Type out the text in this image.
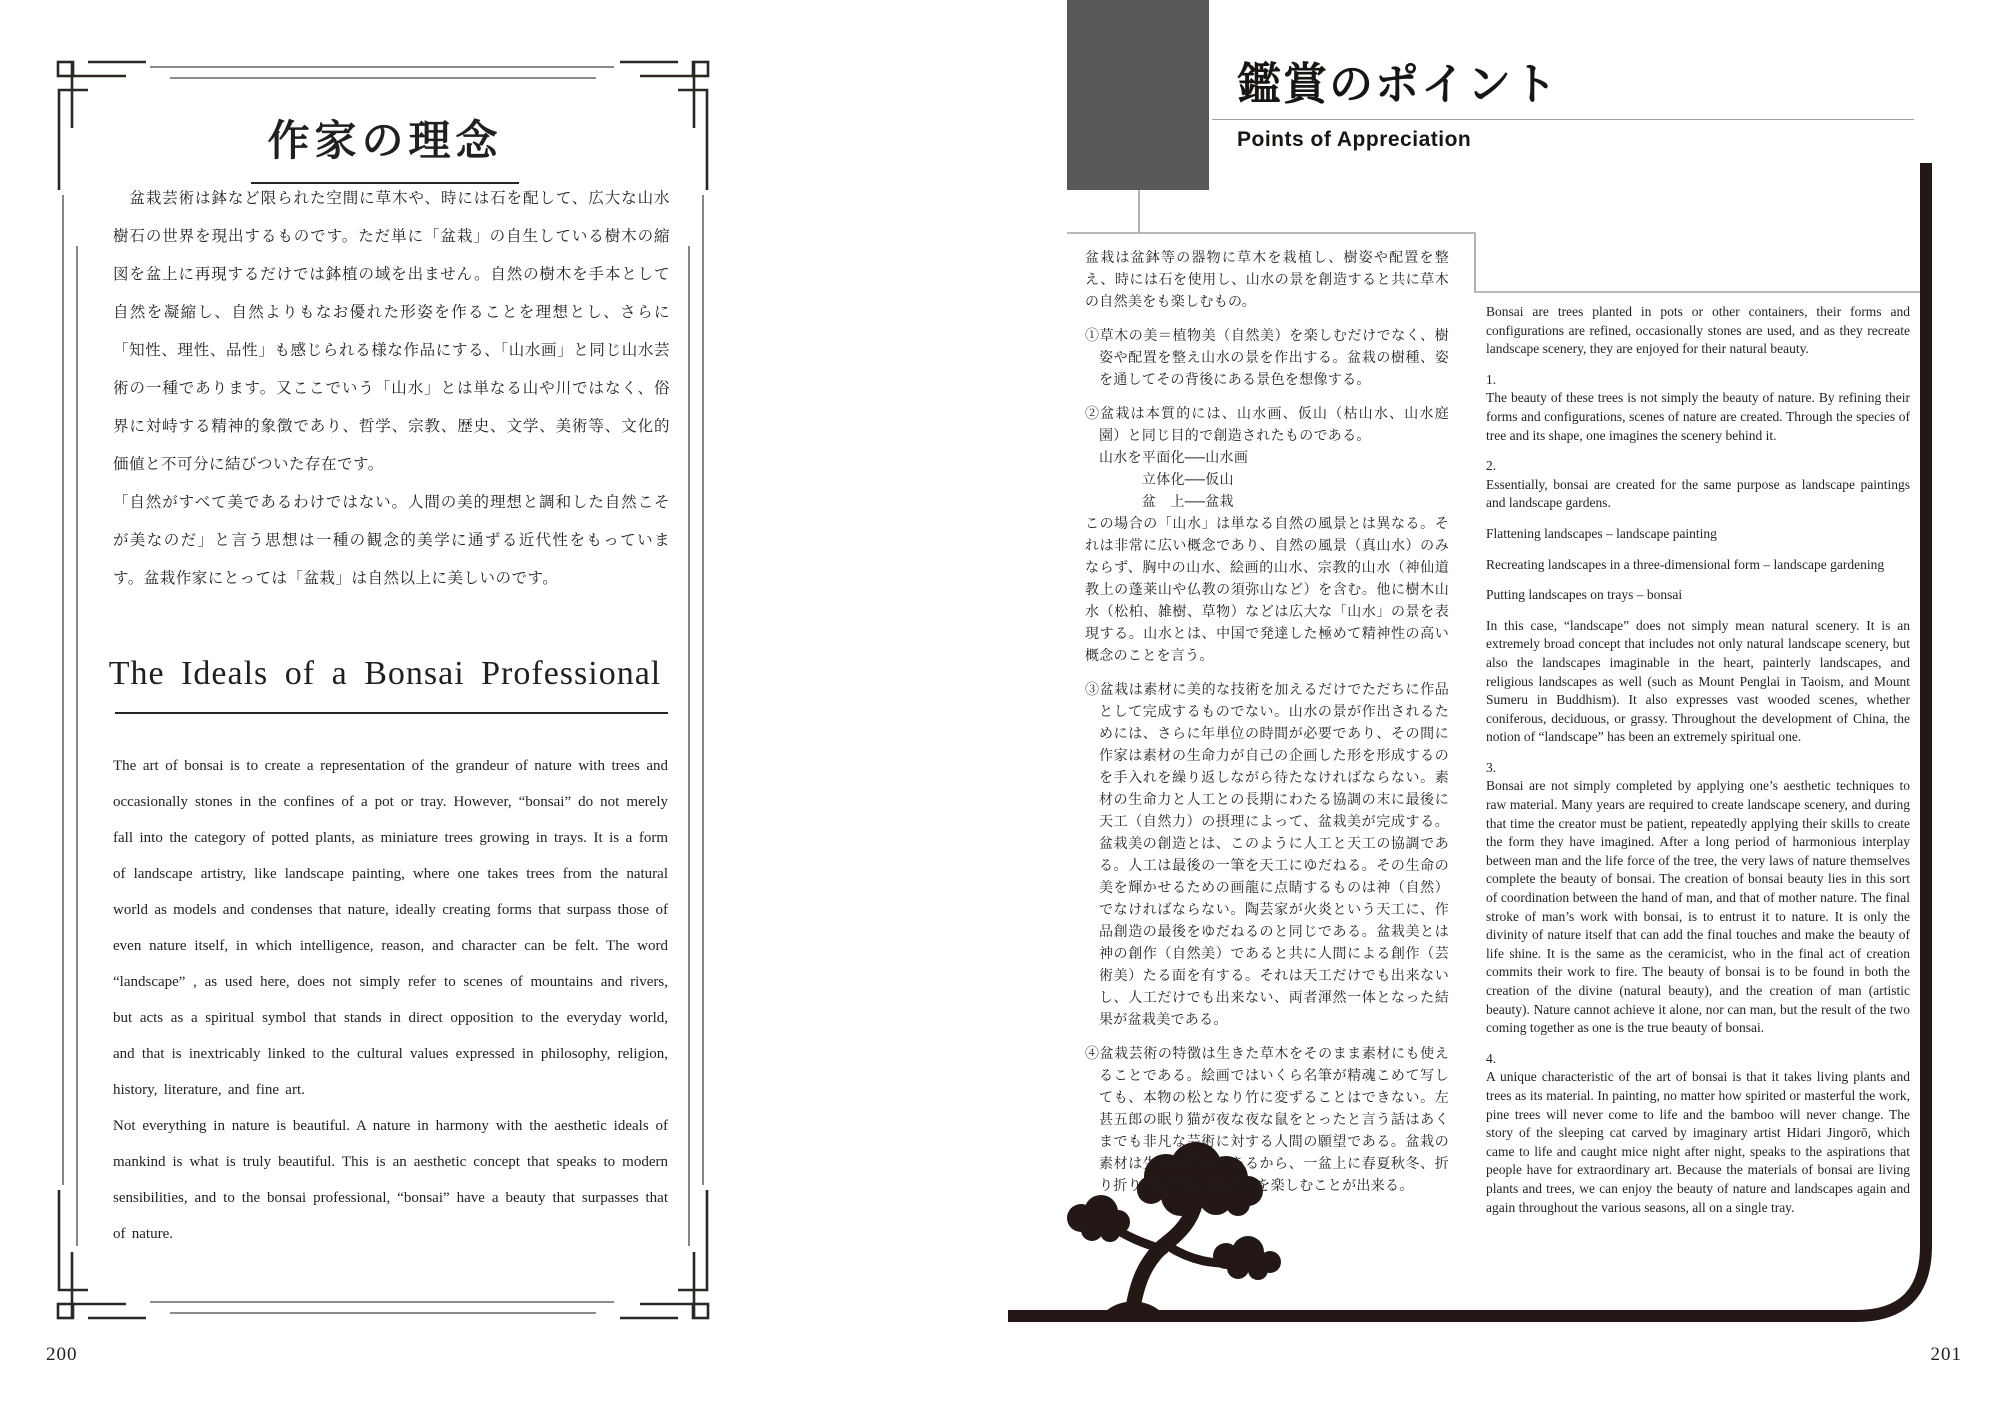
作家の理念

　盆栽芸術は鉢など限られた空間に草木や、時には石を配して、広大な山水樹石の世界を現出するものです。ただ単に「盆栽」の自生している樹木の縮図を盆上に再現するだけでは鉢植の域を出ません。自然の樹木を手本として自然を凝縮し、自然よりもなお優れた形姿を作ることを理想とし、さらに「知性、理性、品性」も感じられる様な作品にする、「山水画」と同じ山水芸術の一種であります。又ここでいう「山水」とは単なる山や川ではなく、俗界に対峙する精神的象徴であり、哲学、宗教、歴史、文学、美術等、文化的価値と不可分に結びついた存在です。

「自然がすべて美であるわけではない。人間の美的理想と調和した自然こそが美なのだ」と言う思想は一種の観念的美学に通ずる近代性をもっています。盆栽作家にとっては「盆栽」は自然以上に美しいのです。

The Ideals of a Bonsai Professional

The art of bonsai is to create a representation of the grandeur of nature with trees and occasionally stones in the confines of a pot or tray. However, “bonsai” do not merely fall into the category of potted plants, as miniature trees growing in trays. It is a form of landscape artistry, like landscape painting, where one takes trees from the natural world as models and condenses that nature, ideally creating forms that surpass those of even nature itself, in which intelligence, reason, and character can be felt. The word “landscape” , as used here, does not simply refer to scenes of mountains and rivers, but acts as a spiritual symbol that stands in direct opposition to the everyday world, and that is inextricably linked to the cultural values expressed in philosophy, religion, history, literature, and fine art.

Not everything in nature is beautiful. A nature in harmony with the aesthetic ideals of mankind is what is truly beautiful. This is an aesthetic concept that speaks to modern sensibilities, and to the bonsai professional, “bonsai” have a beauty that surpasses that of nature.

200
鑑賞のポイント
Points of Appreciation

盆栽は盆鉢等の器物に草木を栽植し、樹姿や配置を整え、時には石を使用し、山水の景を創造すると共に草木の自然美をも楽しむもの。

①草木の美＝植物美（自然美）を楽しむだけでなく、樹姿や配置を整え山水の景を作出する。盆栽の樹種、姿を通してその背後にある景色を想像する。

②盆栽は本質的には、山水画、仮山（枯山水、山水庭園）と同じ目的で創造されたものである。

山水を平面化──山水画

　　　立体化──仮山

　　　盆　上──盆栽

この場合の「山水」は単なる自然の風景とは異なる。それは非常に広い概念であり、自然の風景（真山水）のみならず、胸中の山水、絵画的山水、宗教的山水（神仙道教上の蓬莱山や仏教の須弥山など）を含む。他に樹木山水（松柏、雑樹、草物）などは広大な「山水」の景を表現する。山水とは、中国で発達した極めて精神性の高い概念のことを言う。

③盆栽は素材に美的な技術を加えるだけでただちに作品として完成するものでない。山水の景が作出されるためには、さらに年単位の時間が必要であり、その間に作家は素材の生命力が自己の企画した形を形成するのを手入れを繰り返しながら待たなければならない。素材の生命力と人工との長期にわたる協調の末に最後に天工（自然力）の摂理によって、盆栽美が完成する。盆栽美の創造とは、このように人工と天工の協調である。人工は最後の一筆を天工にゆだねる。その生命の美を輝かせるための画龍に点睛するものは神（自然）でなければならない。陶芸家が火炎という天工に、作品創造の最後をゆだねるのと同じである。盆栽美とは神の創作（自然美）であると共に人間による創作（芸術美）たる面を有する。それは天工だけでも出来ないし、人工だけでも出来ない、両者渾然一体となった結果が盆栽美である。

④盆栽芸術の特徴は生きた草木をそのまま素材にも使えることである。絵画ではいくら名筆が精魂こめて写しても、本物の松となり竹に変ずることはできない。左甚五郎の眠り猫が夜な夜な鼠をとったと言う話はあくまでも非凡な芸術に対する人間の願望である。盆栽の素材は生きた草木であるから、一盆上に春夏秋冬、折り折りの自然美と山水美を楽しむことが出来る。

Bonsai are trees planted in pots or other containers, their forms and configurations are refined, occasionally stones are used, and as they recreate landscape scenery, they are enjoyed for their natural beauty.
1.
The beauty of these trees is not simply the beauty of nature. By refining their forms and configurations, scenes of nature are created. Through the species of tree and its shape, one imagines the scenery behind it.
2.
Essentially, bonsai are created for the same purpose as landscape paintings and landscape gardens.
Flattening landscapes – landscape painting
Recreating landscapes in a three-dimensional form – landscape gardening
Putting landscapes on trays – bonsai
In this case, “landscape” does not simply mean natural scenery. It is an extremely broad concept that includes not only natural landscape scenery, but also the landscapes imaginable in the heart, painterly landscapes, and religious landscapes as well (such as Mount Penglai in Taoism, and Mount Sumeru in Buddhism). It also expresses vast wooded scenes, whether coniferous, deciduous, or grassy. Throughout the development of China, the notion of “landscape” has been an extremely spiritual one.
3.
Bonsai are not simply completed by applying one’s aesthetic techniques to raw material. Many years are required to create landscape scenery, and during that time the creator must be patient, repeatedly applying their skills to create the form they have imagined. After a long period of harmonious interplay between man and the life force of the tree, the very laws of nature themselves complete the beauty of bonsai. The creation of bonsai beauty lies in this sort of coordination between the hand of man, and that of mother nature. The final stroke of man’s work with bonsai, is to entrust it to nature. It is only the divinity of nature itself that can add the final touches and make the beauty of life shine. It is the same as the ceramicist, who in the final act of creation commits their work to fire. The beauty of bonsai is to be found in both the creation of the divine (natural beauty), and the creation of man (artistic beauty). Nature cannot achieve it alone, nor can man, but the result of the two coming together as one is the true beauty of bonsai.
4.
A unique characteristic of the art of bonsai is that it takes living plants and trees as its material. In painting, no matter how spirited or masterful the work, pine trees will never come to life and the bamboo will never change. The story of the sleeping cat carved by imaginary artist Hidari Jingorō, which came to life and caught mice night after night, speaks to the aspirations that people have for extraordinary art. Because the materials of bonsai are living plants and trees, we can enjoy the beauty of nature and landscapes again and again throughout the various seasons, all on a single tray.
201
